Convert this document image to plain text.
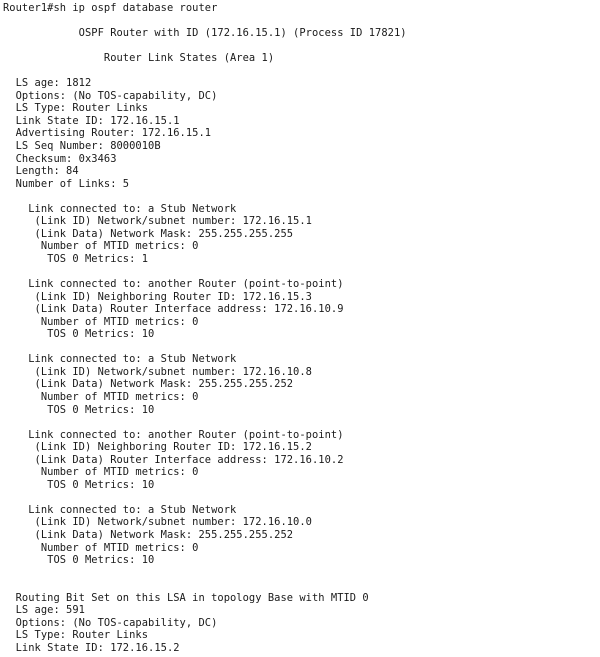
Router1#sh ip ospf database router

OSPF Router with ID (172.16.15.1) (Process ID 17821)

Router Link States (Area 1)

LS age: 1812
Options: (No TOS-capability, DC)
LS Type: Router Links
Link State ID: 172.16.15.1
Advertising Router: 172.16.15.1
LS Seq Number: 8000010B
Checksum: 0x3463
Length: 84
Number of Links: 5

Link connected to: a Stub Network
(Link ID) Network/subnet number: 172.16.15.1
(Link Data) Network Mask: 255.255.255.255
Number of MTID metrics: 0
TOS 0 Metrics: 1

Link connected to: another Router (point-to-point)
(Link ID) Neighboring Router ID: 172.16.15.3
(Link Data) Router Interface address: 172.16.10.9
Number of MTID metrics: 0
TOS 0 Metrics: 10

Link connected to: a Stub Network
(Link ID) Network/subnet number: 172.16.10.8
(Link Data) Network Mask: 255.255.255.252
Number of MTID metrics: 0
TOS 0 Metrics: 10

Link connected to: another Router (point-to-point)
(Link ID) Neighboring Router ID: 172.16.15.2
(Link Data) Router Interface address: 172.16.10.2
Number of MTID metrics: 0
TOS 0 Metrics: 10

Link connected to: a Stub Network
(Link ID) Network/subnet number: 172.16.10.0
(Link Data) Network Mask: 255.255.255.252
Number of MTID metrics: 0
TOS 0 Metrics: 10

Routing Bit Set on this LSA in topology Base with MTID 0
LS age: 591
Options: (No TOS-capability, DC)
LS Type: Router Links
Link State ID: 172.16.15.2
